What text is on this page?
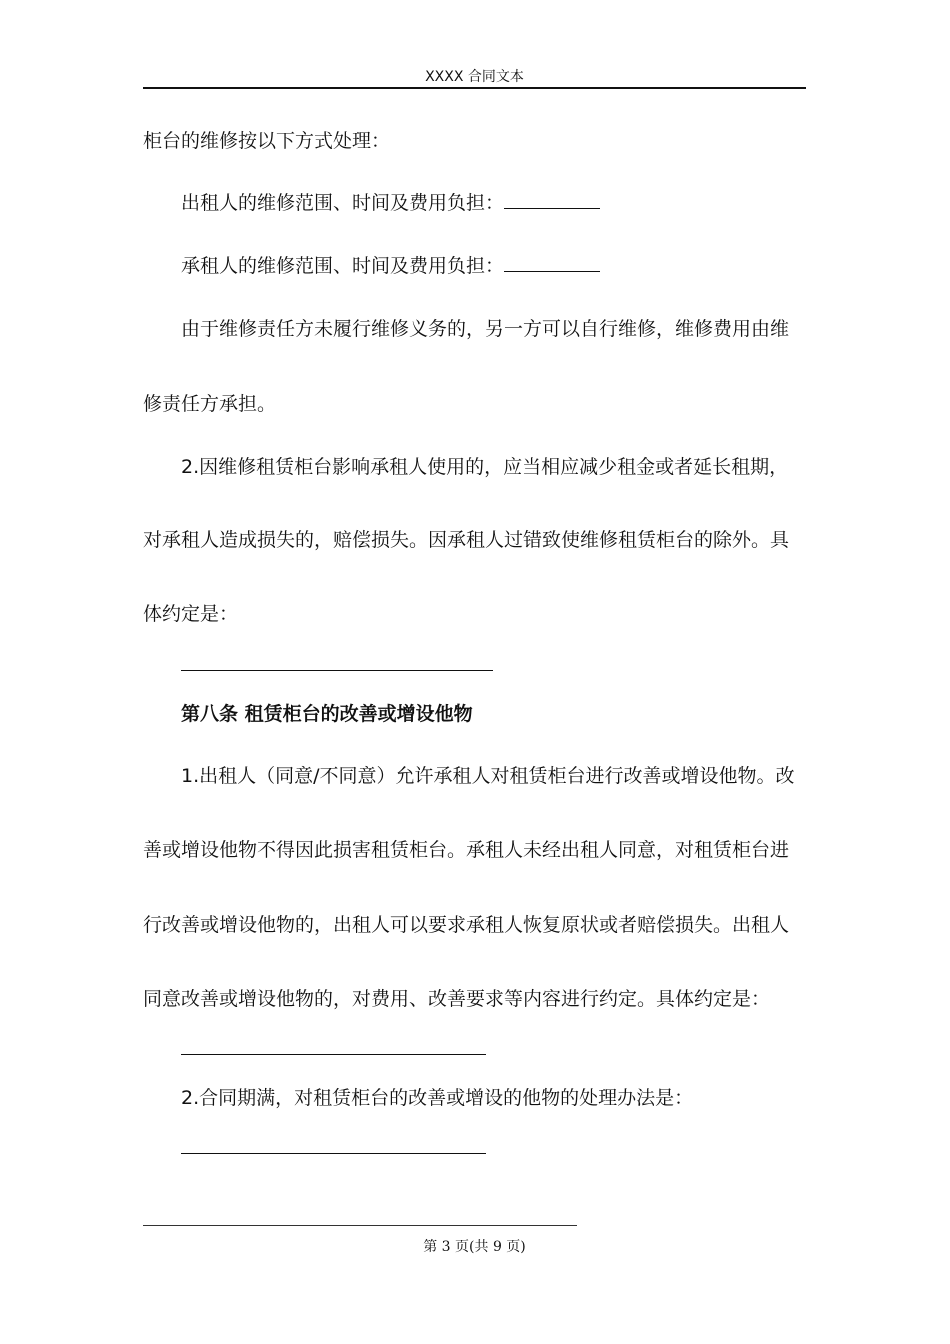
XXXX 合同文本
柜台的维修按以下方式处理：
出租人的维修范围、时间及费用负担：
承租人的维修范围、时间及费用负担：
由于维修责任方未履行维修义务的，另一方可以自行维修，维修费用由维
修责任方承担。
2.因维修租赁柜台影响承租人使用的，应当相应减少租金或者延长租期，
对承租人造成损失的，赔偿损失。因承租人过错致使维修租赁柜台的除外。具
体约定是：
第八条 租赁柜台的改善或增设他物
1.出租人（同意/不同意）允许承租人对租赁柜台进行改善或增设他物。改
善或增设他物不得因此损害租赁柜台。承租人未经出租人同意，对租赁柜台进
行改善或增设他物的，出租人可以要求承租人恢复原状或者赔偿损失。出租人
同意改善或增设他物的，对费用、改善要求等内容进行约定。具体约定是：
2.合同期满，对租赁柜台的改善或增设的他物的处理办法是：
第 3 页(共 9 页)
